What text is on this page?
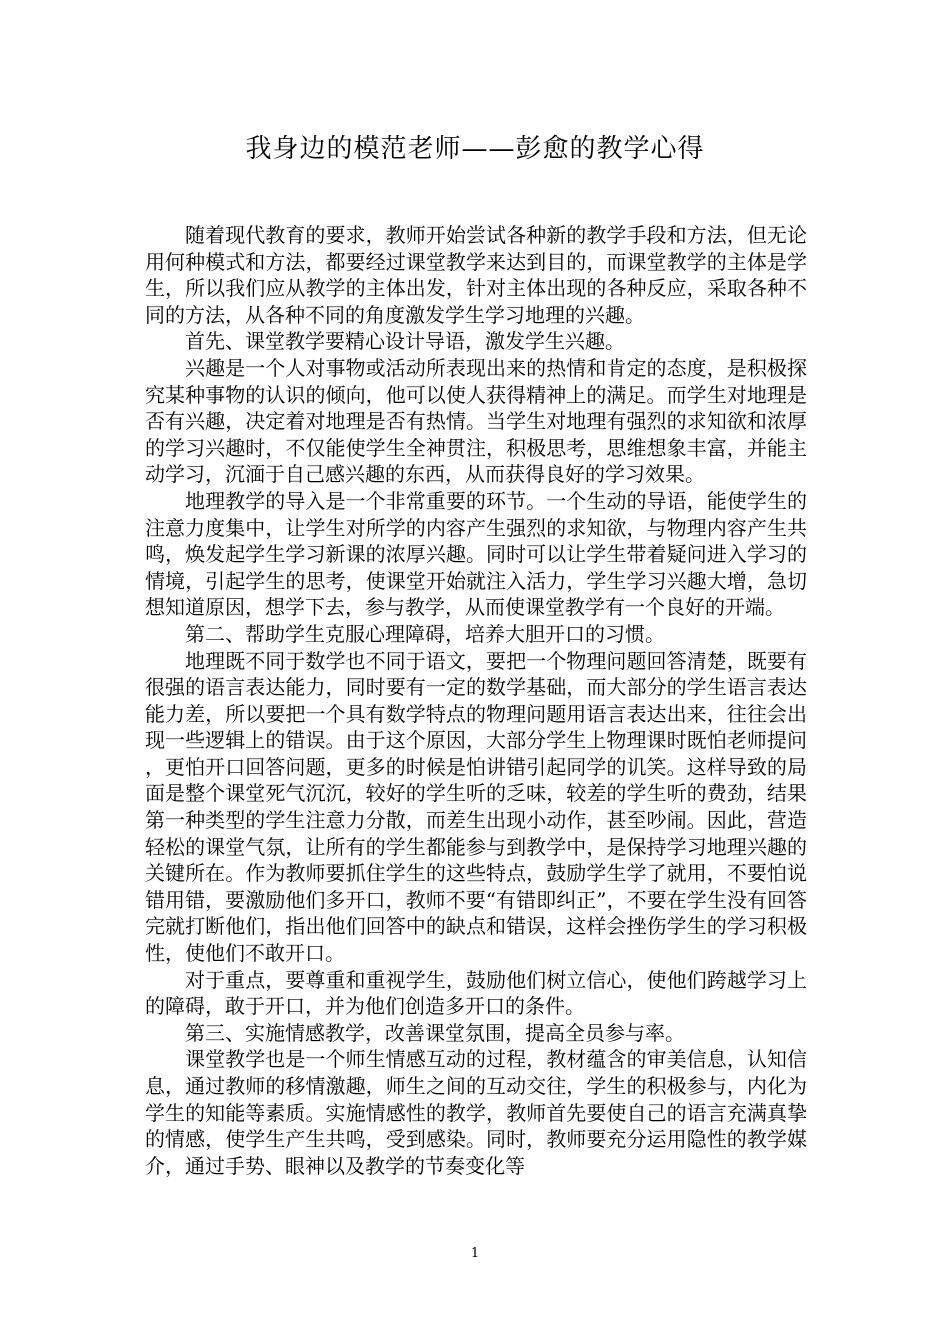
我身边的模范老师——彭愈的教学心得

随着现代教育的要求，教师开始尝试各种新的教学手段和方法，但无论用何种模式和方法，都要经过课堂教学来达到目的，而课堂教学的主体是学生，所以我们应从教学的主体出发，针对主体出现的各种反应，采取各种不同的方法，从各种不同的角度激发学生学习地理的兴趣。

首先、课堂教学要精心设计导语，激发学生兴趣。

兴趣是一个人对事物或活动所表现出来的热情和肯定的态度，是积极探究某种事物的认识的倾向，他可以使人获得精神上的满足。而学生对地理是否有兴趣，决定着对地理是否有热情。当学生对地理有强烈的求知欲和浓厚的学习兴趣时，不仅能使学生全神贯注，积极思考，思维想象丰富，并能主动学习，沉湎于自己感兴趣的东西，从而获得良好的学习效果。

地理教学的导入是一个非常重要的环节。一个生动的导语，能使学生的注意力度集中，让学生对所学的内容产生强烈的求知欲，与物理内容产生共鸣，焕发起学生学习新课的浓厚兴趣。同时可以让学生带着疑问进入学习的情境，引起学生的思考，使课堂开始就注入活力，学生学习兴趣大增，急切想知道原因，想学下去，参与教学，从而使课堂教学有一个良好的开端。

第二、帮助学生克服心理障碍，培养大胆开口的习惯。

地理既不同于数学也不同于语文，要把一个物理问题回答清楚，既要有很强的语言表达能力，同时要有一定的数学基础，而大部分的学生语言表达能力差，所以要把一个具有数学特点的物理问题用语言表达出来，往往会出现一些逻辑上的错误。由于这个原因，大部分学生上物理课时既怕老师提问，更怕开口回答问题，更多的时候是怕讲错引起同学的讥笑。这样导致的局面是整个课堂死气沉沉，较好的学生听的乏味，较差的学生听的费劲，结果第一种类型的学生注意力分散，而差生出现小动作，甚至吵闹。因此，营造轻松的课堂气氛，让所有的学生都能参与到教学中，是保持学习地理兴趣的关键所在。作为教师要抓住学生的这些特点，鼓励学生学了就用，不要怕说错用错，要激励他们多开口，教师不要“有错即纠正”，不要在学生没有回答完就打断他们，指出他们回答中的缺点和错误，这样会挫伤学生的学习积极性，使他们不敢开口。

对于重点，要尊重和重视学生，鼓励他们树立信心，使他们跨越学习上的障碍，敢于开口，并为他们创造多开口的条件。

第三、实施情感教学，改善课堂氛围，提高全员参与率。

课堂教学也是一个师生情感互动的过程，教材蕴含的审美信息，认知信息，通过教师的移情激趣，师生之间的互动交往，学生的积极参与，内化为学生的知能等素质。实施情感性的教学，教师首先要使自己的语言充满真挚的情感，使学生产生共鸣，受到感染。同时，教师要充分运用隐性的教学媒介，通过手势、眼神以及教学的节奏变化等

1
